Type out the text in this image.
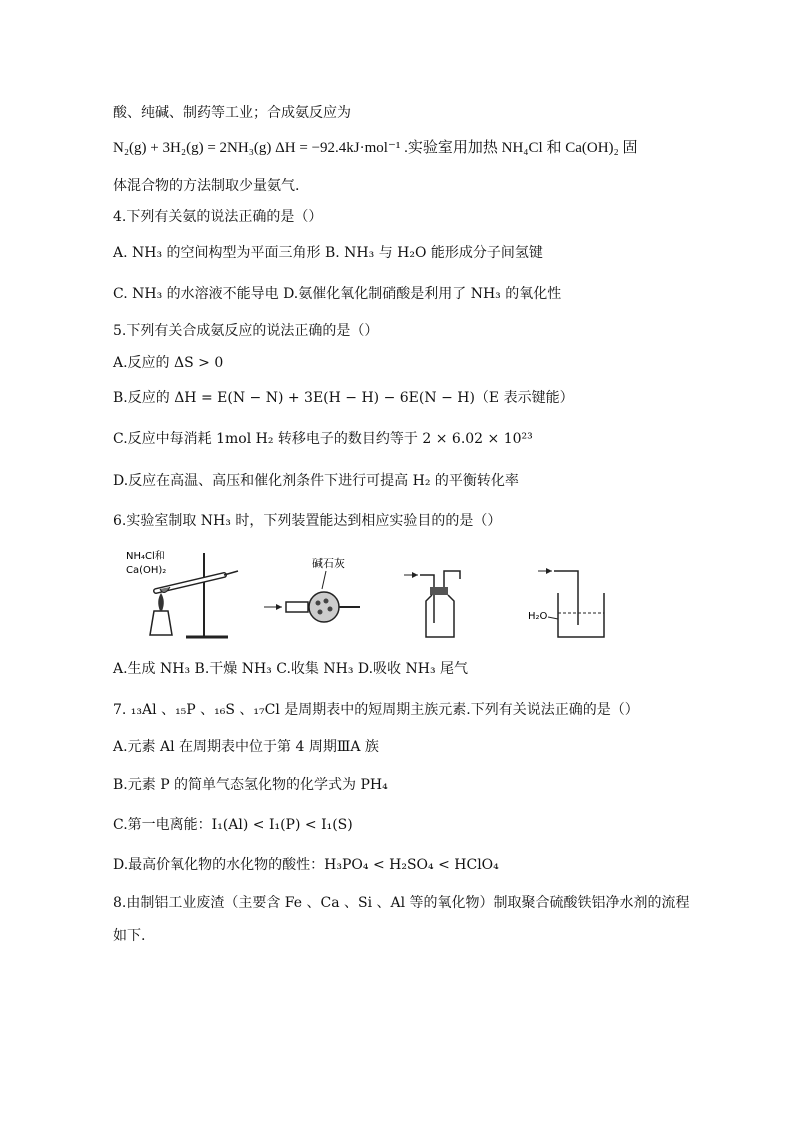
酸、纯碱、制药等工业；合成氨反应为
N₂(g) + 3H₂(g) = 2NH₃(g) ΔH = −92.4kJ·mol⁻¹ .实验室用加热 NH₄Cl 和 Ca(OH)₂ 固
体混合物的方法制取少量氨气.
4.下列有关氨的说法正确的是（）
A. NH₃ 的空间构型为平面三角形 B. NH₃ 与 H₂O 能形成分子间氢键
C. NH₃ 的水溶液不能导电 D.氨催化氧化制硝酸是利用了 NH₃ 的氧化性
5.下列有关合成氨反应的说法正确的是（）
A.反应的 ΔS > 0
B.反应的 ΔH = E(N − N) + 3E(H − H) − 6E(N − H)（E 表示键能）
C.反应中每消耗 1mol H₂ 转移电子的数目约等于 2 × 6.02 × 10²³
D.反应在高温、高压和催化剂条件下进行可提高 H₂ 的平衡转化率
6.实验室制取 NH₃ 时，下列装置能达到相应实验目的的是（）
NH₄Cl和
Ca(OH)₂
碱石灰
H₂O
A.生成 NH₃ B.干燥 NH₃ C.收集 NH₃ D.吸收 NH₃ 尾气
7. ₁₃Al 、₁₅P 、₁₆S 、₁₇Cl 是周期表中的短周期主族元素.下列有关说法正确的是（）
A.元素 Al 在周期表中位于第 4 周期ⅢA 族
B.元素 P 的简单气态氢化物的化学式为 PH₄
C.第一电离能：I₁(Al) < I₁(P) < I₁(S)
D.最高价氧化物的水化物的酸性：H₃PO₄ < H₂SO₄ < HClO₄
8.由制铝工业废渣（主要含 Fe 、Ca 、Si 、Al 等的氧化物）制取聚合硫酸铁铝净水剂的流程
如下.
